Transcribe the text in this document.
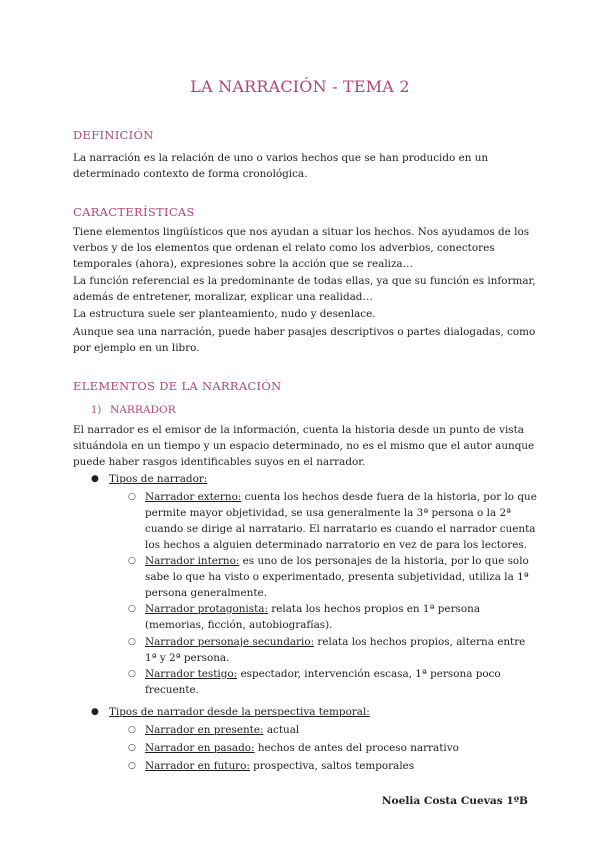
LA NARRACIÓN - TEMA 2
DEFINICIÓN
La narración es la relación de uno o varios hechos que se han producido en un determinado contexto de forma cronológica.
CARACTERÍSTICAS
Tiene elementos lingüísticos que nos ayudan a situar los hechos. Nos ayudamos de los verbos y de los elementos que ordenan el relato como los adverbios, conectores temporales (ahora), expresiones sobre la acción que se realiza…
La función referencial es la predominante de todas ellas, ya que su función es informar, además de entretener, moralizar, explicar una realidad…
La estructura suele ser planteamiento, nudo y desenlace.
Aunque sea una narración, puede haber pasajes descriptivos o partes dialogadas, como por ejemplo en un libro.
ELEMENTOS DE LA NARRACIÓN
1) NARRADOR
El narrador es el emisor de la información, cuenta la historia desde un punto de vista situándola en un tiempo y un espacio determinado, no es el mismo que el autor aunque puede haber rasgos identificables suyos en el narrador.
● Tipos de narrador:
○ Narrador externo: cuenta los hechos desde fuera de la historia, por lo que permite mayor objetividad, se usa generalmente la 3ª persona o la 2ª cuando se dirige al narratario. El narratario es cuando el narrador cuenta los hechos a alguien determinado narratorio en vez de para los lectores.
○ Narrador interno: es uno de los personajes de la historia, por lo que solo sabe lo que ha visto o experimentado, presenta subjetividad, utiliza la 1ª persona generalmente.
○ Narrador protagonista: relata los hechos propios en 1ª persona (memorias, ficción, autobiografías).
○ Narrador personaje secundario: relata los hechos propios, alterna entre 1ª y 2ª persona.
○ Narrador testigo: espectador, intervención escasa, 1ª persona poco frecuente.
● Tipos de narrador desde la perspectiva temporal:
○ Narrador en presente: actual
○ Narrador en pasado: hechos de antes del proceso narrativo
○ Narrador en futuro: prospectiva, saltos temporales
Noelia Costa Cuevas 1ºB
